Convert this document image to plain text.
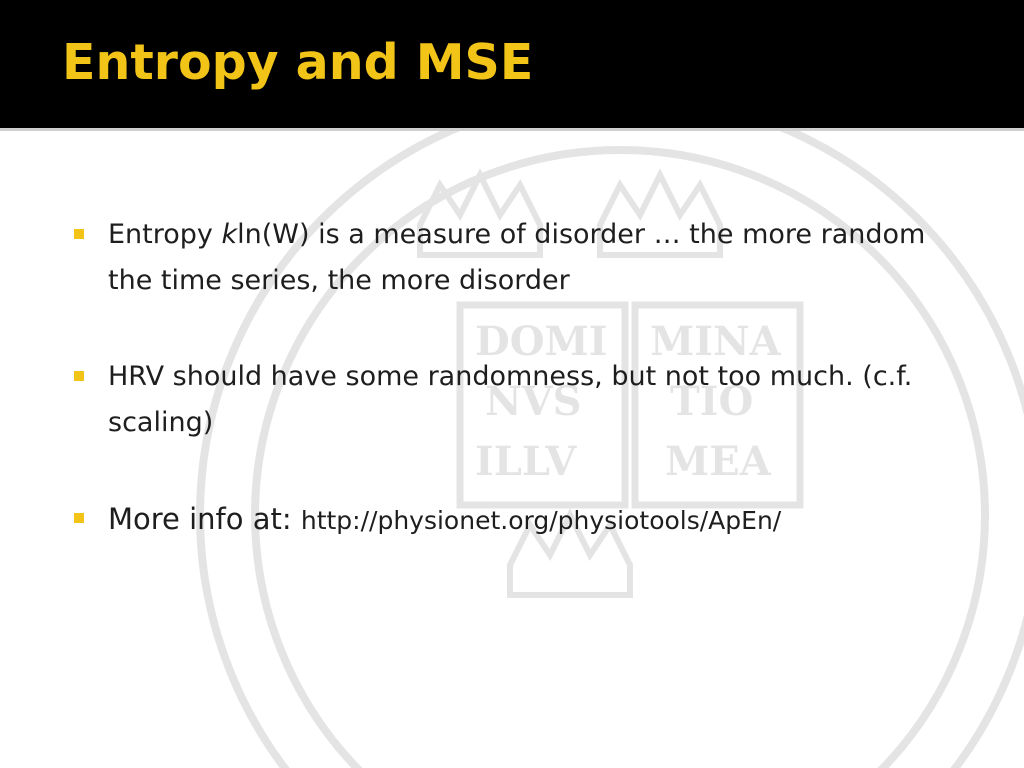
DOMI MINA
NVS TIO
ILLV MEA
Entropy and MSE
Entropy kln(W) is a measure of disorder … the more random the time series, the more disorder
HRV should have some randomness, but not too much. (c.f. scaling)
More info at: http://physionet.org/physiotools/ApEn/
